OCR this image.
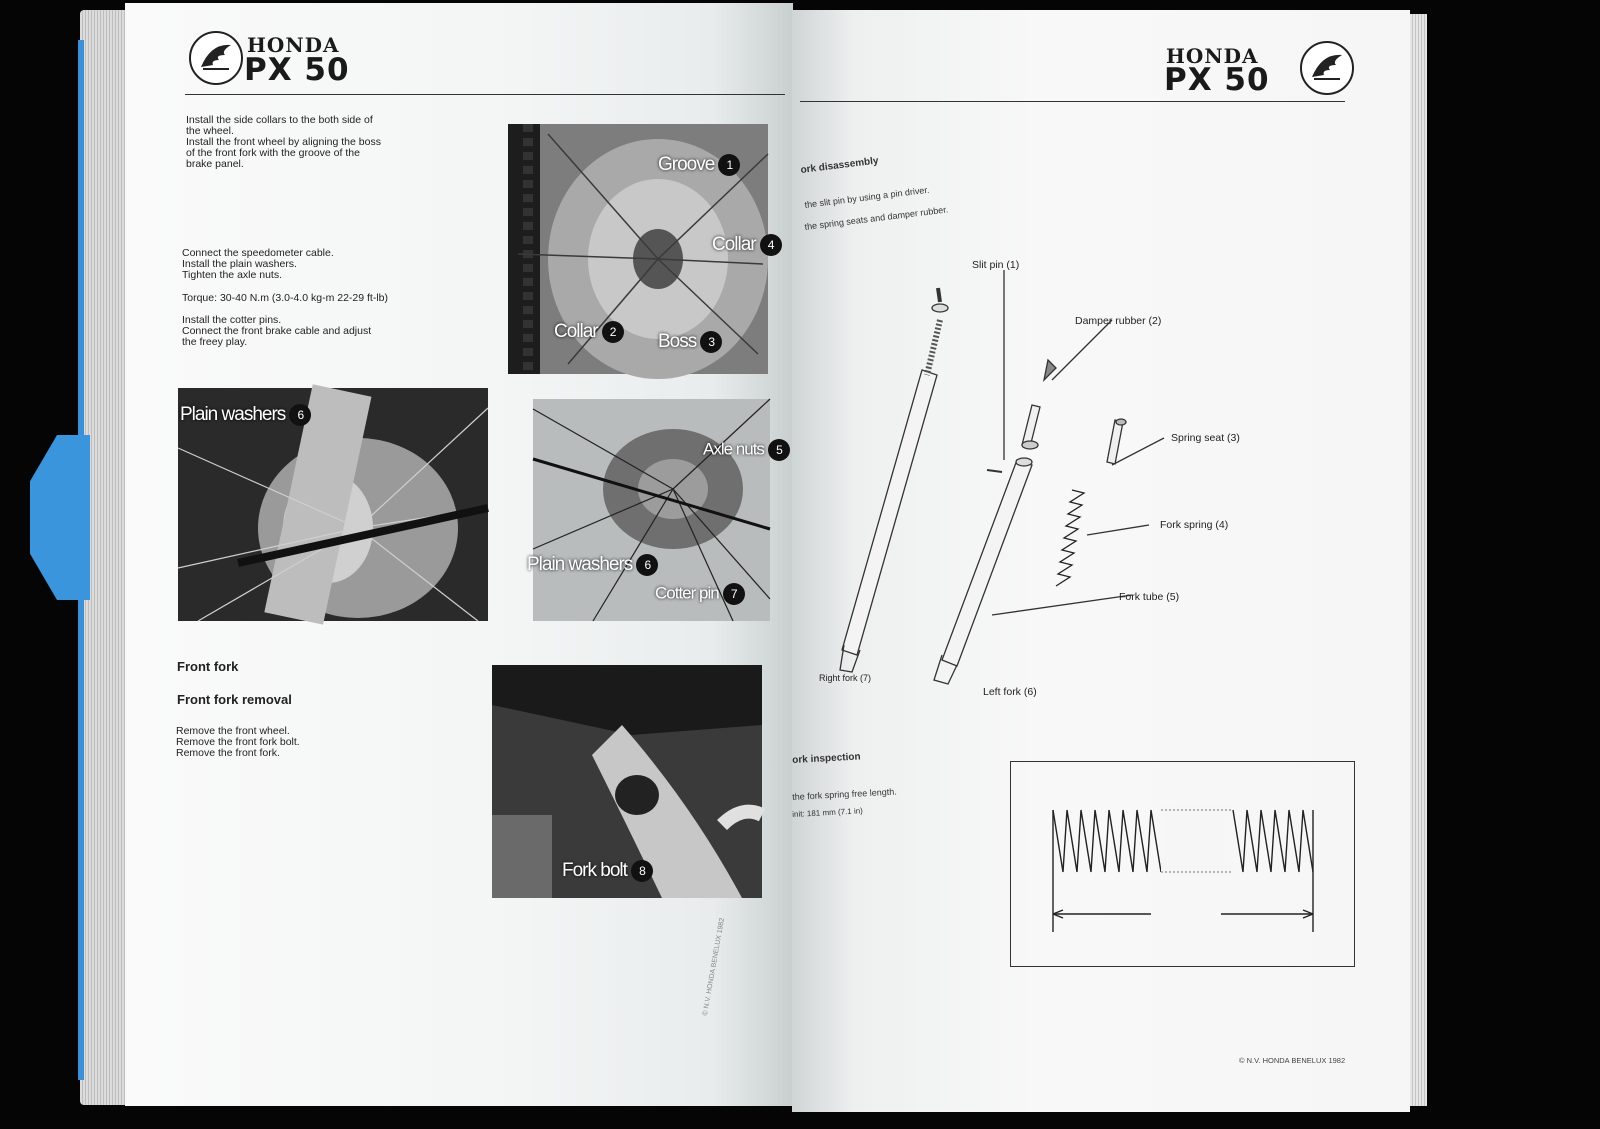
HONDA
PX 50
Install the side collars to the both side of
the wheel.
Install the front wheel by aligning the boss
of the front fork with the groove of the
brake panel.
Connect the speedometer cable.
Install the plain washers.
Tighten the axle nuts.
Torque: 30-40 N.m (3.0-4.0 kg-m 22-29 ft-lb)
Install the cotter pins.
Connect the front brake cable and adjust
the freey play.
Front fork
Front fork removal
Remove the front wheel.
Remove the front fork bolt.
Remove the front fork.
Groove 1
Collar 4
Collar 2	Boss 3
Plain washers 6
Axle nuts 5
Plain washers 6
Cotter pin 7
Fork bolt 8
© N.V. HONDA BENELUX 1982
HONDA
PX 50
ork disassembly
the slit pin by using a pin driver.
the spring seats and damper rubber.
Slit pin (1)
Damper rubber (2)
Spring seat (3)
Fork spring (4)
Fork tube (5)
Right fork (7)
Left fork (6)
ork inspection
the fork spring free length.
init: 181 mm (7.1 in)
© N.V. HONDA BENELUX 1982
